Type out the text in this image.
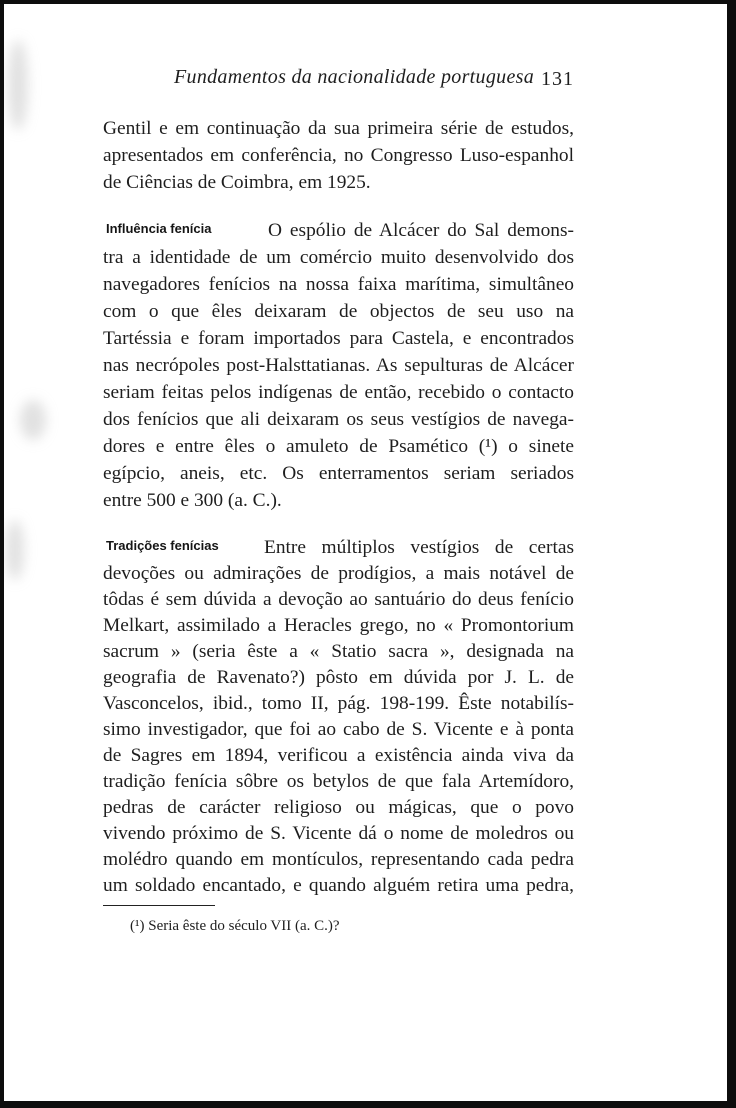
Fundamentos da nacionalidade portuguesa 131
Gentil e em continuação da sua primeira série de estudos,
apresentados em conferência, no Congresso Luso-espanhol
de Ciências de Coimbra, em 1925.
Influência fenícia	O espólio de Alcácer do Sal demons-
tra a identidade de um comércio muito desenvolvido dos
navegadores fenícios na nossa faixa marítima, simultâneo
com o que êles deixaram de objectos de seu uso na
Tartéssia e foram importados para Castela, e encontrados
nas necrópoles post-Halsttatianas. As sepulturas de Alcácer
seriam feitas pelos indígenas de então, recebido o contacto
dos fenícios que ali deixaram os seus vestígios de navega-
dores e entre êles o amuleto de Psamético (¹) o sinete
egípcio, aneis, etc. Os enterramentos seriam seriados
entre 500 e 300 (a. C.).
Tradições fenícias Entre múltiplos vestígios de certas
devoções ou admirações de prodígios, a mais notável de
tôdas é sem dúvida a devoção ao santuário do deus fenício
Melkart, assimilado a Heracles grego, no « Promontorium
sacrum » (seria êste a « Statio sacra », designada na
geografia de Ravenato?) pôsto em dúvida por J. L. de
Vasconcelos, ibid., tomo II, pág. 198-199. Êste notabilís-
simo investigador, que foi ao cabo de S. Vicente e à ponta
de Sagres em 1894, verificou a existência ainda viva da
tradição fenícia sôbre os betylos de que fala Artemídoro,
pedras de carácter religioso ou mágicas, que o povo
vivendo próximo de S. Vicente dá o nome de moledros ou
molédro quando em montículos, representando cada pedra
um soldado encantado, e quando alguém retira uma pedra,
(¹) Seria êste do século VII (a. C.)?
